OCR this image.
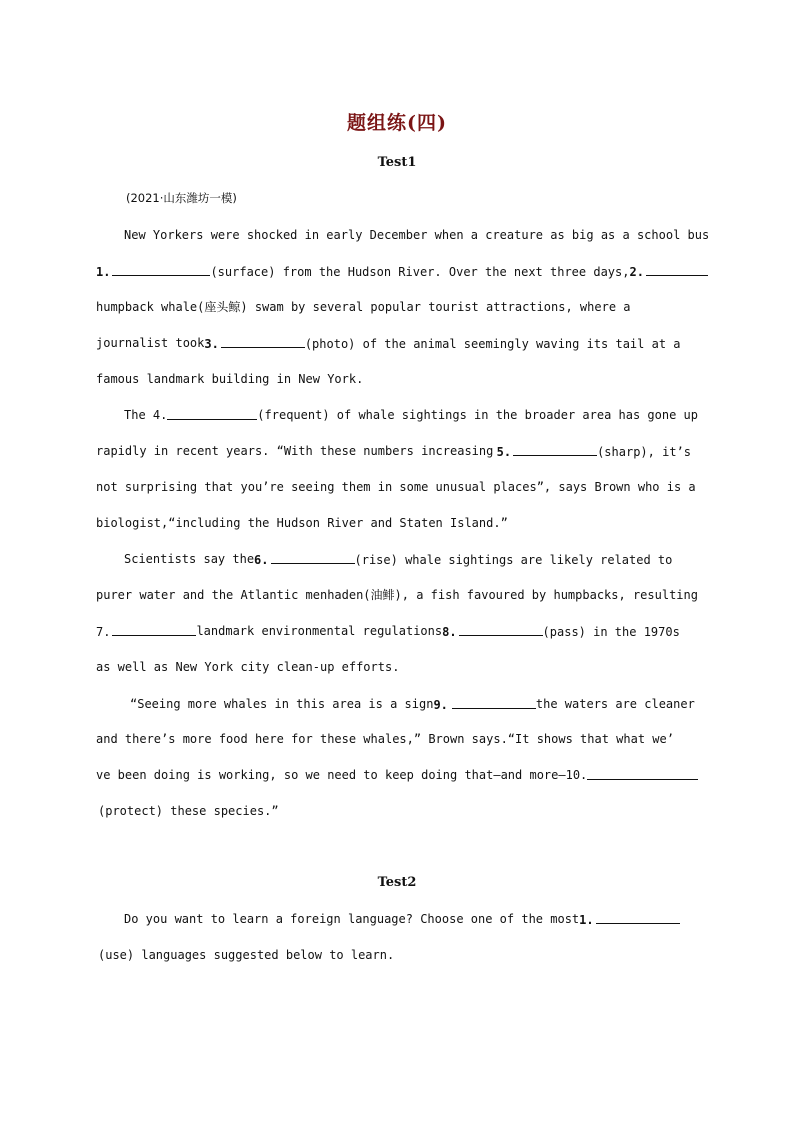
题组练(四)
Test1
(2021·山东潍坊一模)
New Yorkers were shocked in early December when a creature as big as a school bus
1.	(surface) from the Hudson River. Over the next three days, 2.
humpback whale(座头鲸) swam by several popular tourist attractions, where a
journalist took 3.	(photo) of the animal seemingly waving its tail at a
famous landmark building in New York.
The 4.	(frequent) of whale sightings in the broader area has gone up
rapidly in recent years. “With these numbers increasing 5.	(sharp), it’s
not surprising that you’re seeing them in some unusual places”, says Brown who is a
biologist,“including the Hudson River and Staten Island.”
Scientists say the 6.	(rise) whale sightings are likely related to
purer water and the Atlantic menhaden(油鲱), a fish favoured by humpbacks, resulting
7.	landmark environmental regulations 8.	(pass) in the 1970s
as well as New York city clean-up efforts.
“Seeing more whales in this area is a sign 9.	the waters are cleaner
and there’s more food here for these whales,” Brown says.“It shows that what we’
ve been doing is working, so we need to keep doing that—and more—10.
(protect) these species.”
Test2
Do you want to learn a foreign language? Choose one of the most 1.
(use) languages suggested below to learn.
